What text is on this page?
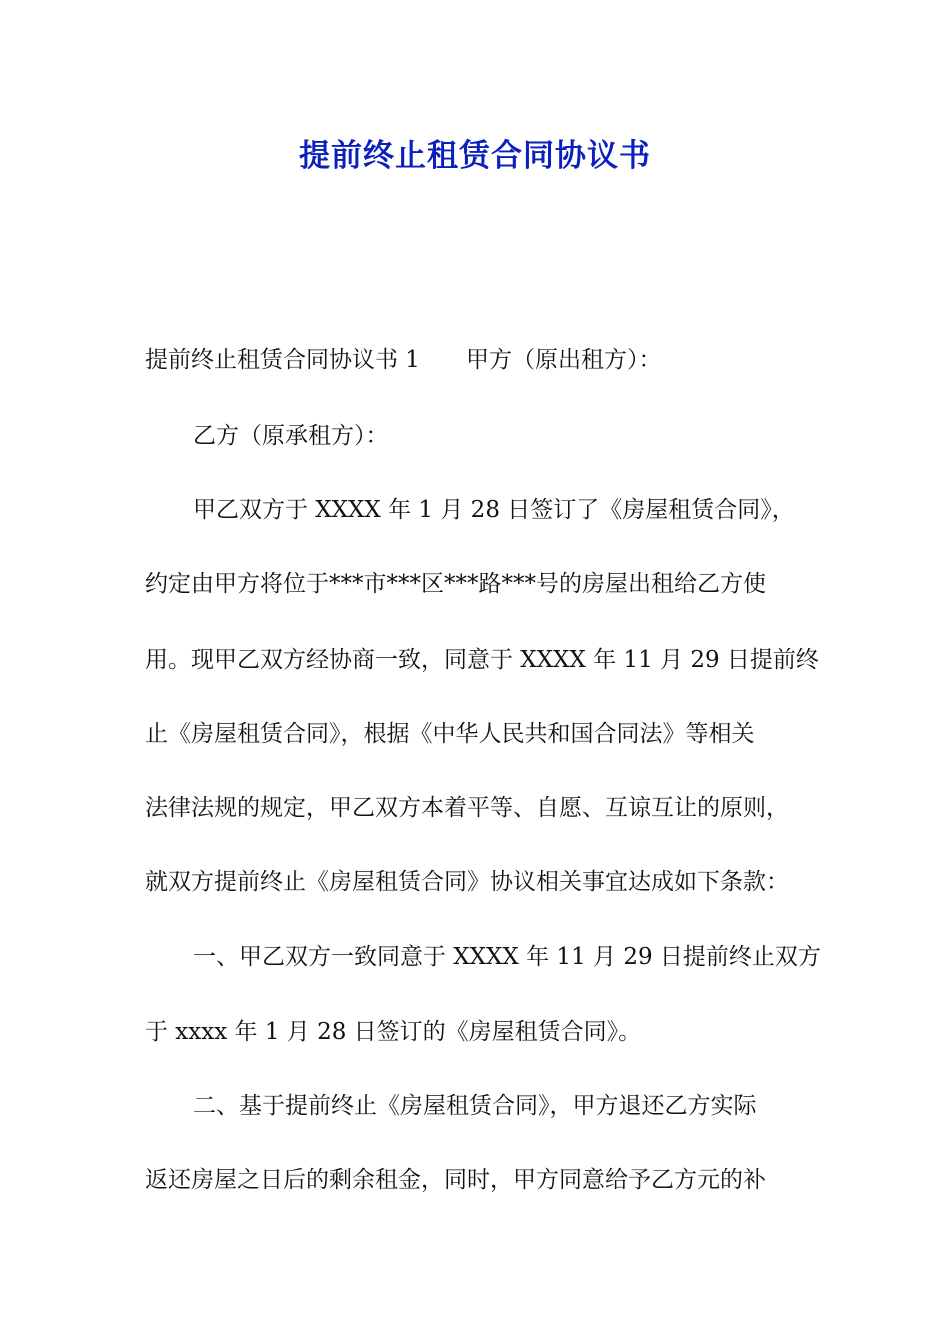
提前终止租赁合同协议书
提前终止租赁合同协议书 1 甲方（原出租方）：
乙方（原承租方）：
甲乙双方于 XXXX 年 1 月 28 日签订了《房屋租赁合同》，
约定由甲方将位于***市***区***路***号的房屋出租给乙方使
用。现甲乙双方经协商一致，同意于 XXXX 年 11 月 29 日提前终
止《房屋租赁合同》，根据《中华人民共和国合同法》等相关
法律法规的规定，甲乙双方本着平等、自愿、互谅互让的原则，
就双方提前终止《房屋租赁合同》协议相关事宜达成如下条款：
一、甲乙双方一致同意于 XXXX 年 11 月 29 日提前终止双方
于 xxxx 年 1 月 28 日签订的《房屋租赁合同》。
二、基于提前终止《房屋租赁合同》，甲方退还乙方实际
返还房屋之日后的剩余租金，同时，甲方同意给予乙方元的补
